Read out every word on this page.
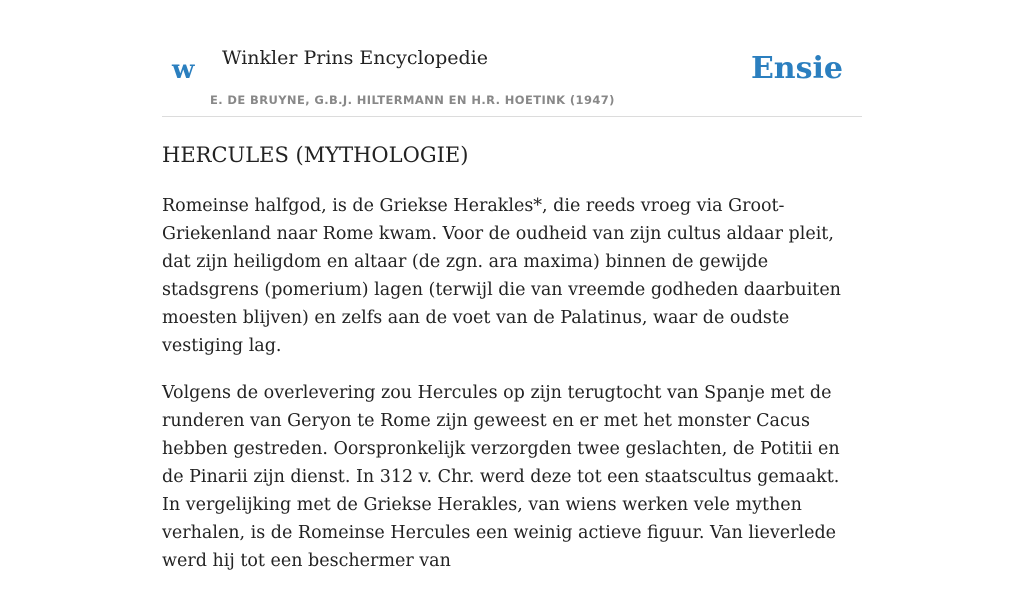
w Winkler Prins Encyclopedie	Ensie
E. DE BRUYNE, G.B.J. HILTERMANN EN H.R. HOETINK (1947)
HERCULES (MYTHOLOGIE)

Romeinse halfgod, is de Griekse Herakles*, die reeds vroeg via Groot-Griekenland naar Rome kwam. Voor de oudheid van zijn cultus aldaar pleit, dat zijn heiligdom en altaar (de zgn. ara maxima) binnen de gewijde stadsgrens (pomerium) lagen (terwijl die van vreemde godheden daarbuiten moesten blijven) en zelfs aan de voet van de Palatinus, waar de oudste vestiging lag.

Volgens de overlevering zou Hercules op zijn terugtocht van Spanje met de runderen van Geryon te Rome zijn geweest en er met het monster Cacus hebben gestreden. Oorspronkelijk verzorgden twee geslachten, de Potitii en de Pinarii zijn dienst. In 312 v. Chr. werd deze tot een staatscultus gemaakt. In vergelijking met de Griekse Herakles, van wiens werken vele mythen verhalen, is de Romeinse Hercules een weinig actieve figuur. Van lieverlede werd hij tot een beschermer van
